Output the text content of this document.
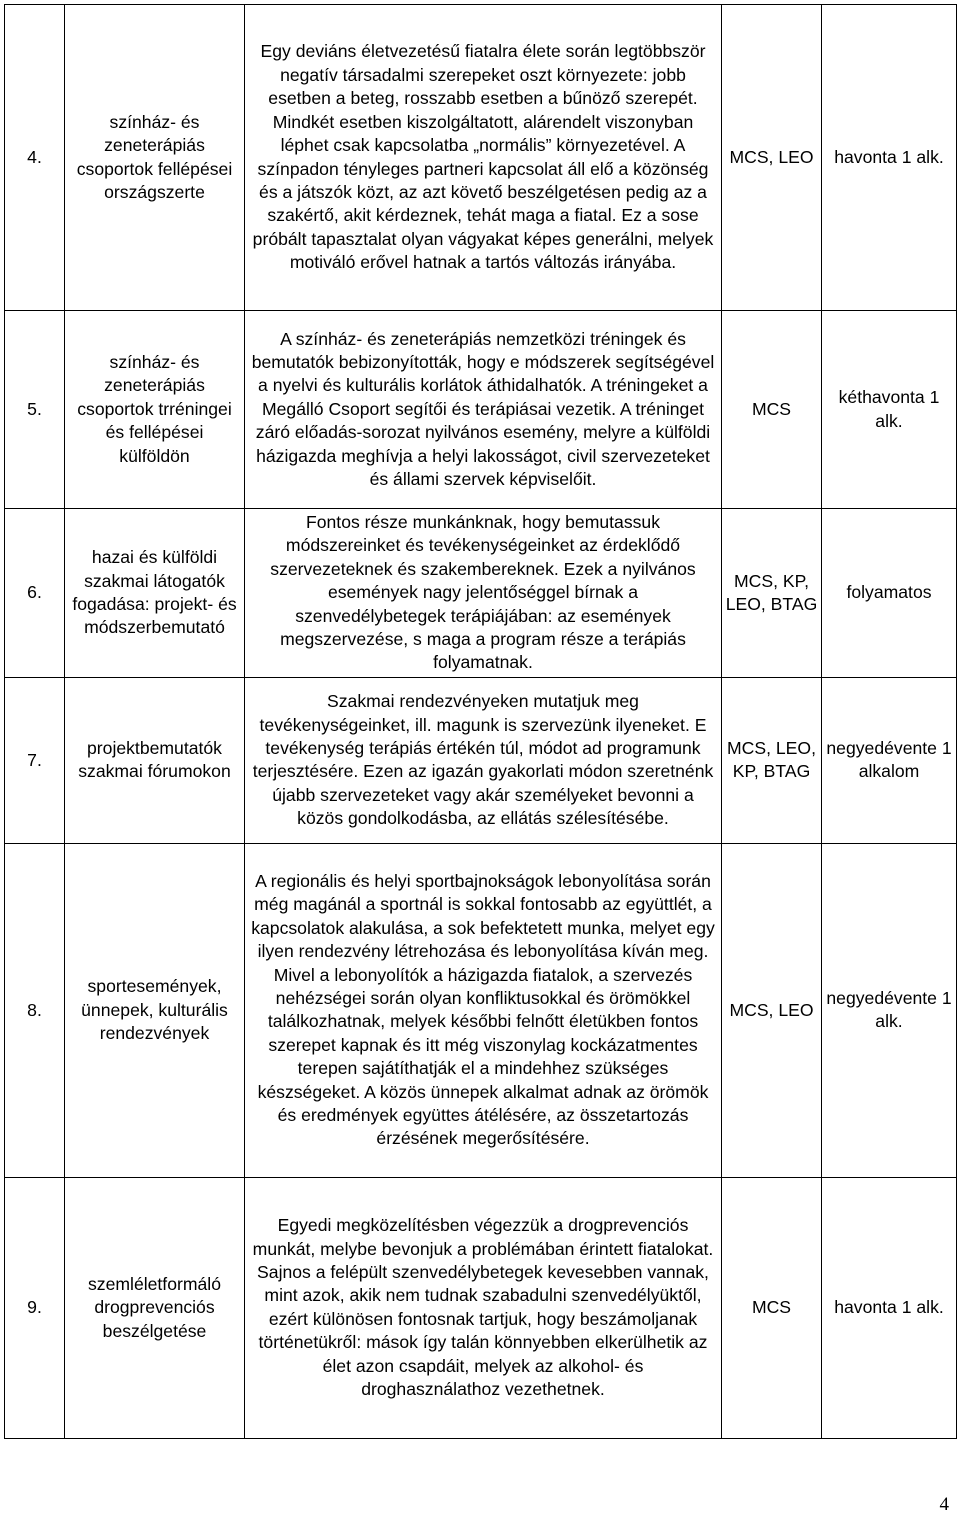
4.	színház- és zeneterápiás csoportok fellépései országszerte	Egy deviáns életvezetésű fiatalra élete során legtöbbször negatív társadalmi szerepeket oszt környezete: jobb esetben a beteg, rosszabb esetben a bűnöző szerepét. Mindkét esetben kiszolgáltatott, alárendelt viszonyban léphet csak kapcsolatba „normális” környezetével. A színpadon tényleges partneri kapcsolat áll elő a közönség és a játszók közt, az azt követő beszélgetésen pedig az a szakértő, akit kérdeznek, tehát maga a fiatal. Ez a sose próbált tapasztalat olyan vágyakat képes generálni, melyek motiváló erővel hatnak a tartós változás irányába.	MCS, LEO	havonta 1 alk.
5.	színház- és zeneterápiás csoportok trréningei és fellépései külföldön	A színház- és zeneterápiás nemzetközi tréningek és bemutatók bebizonyították, hogy e módszerek segítségével a nyelvi és kulturális korlátok áthidalhatók. A tréningeket a Megálló Csoport segítői és terápiásai vezetik. A tréninget záró előadás-sorozat nyilvános esemény, melyre a külföldi házigazda meghívja a helyi lakosságot, civil szervezeteket és állami szervek képviselőit.	MCS	kéthavonta 1 alk.
6.	hazai és külföldi szakmai látogatók fogadása: projekt- és módszerbemutató	Fontos része munkánknak, hogy bemutassuk módszereinket és tevékenységeinket az érdeklődő szervezeteknek és szakembereknek. Ezek a nyilvános események nagy jelentőséggel bírnak a szenvedélybetegek terápiájában: az események megszervezése, s maga a program része a terápiás folyamatnak.	MCS, KP, LEO, BTAG	folyamatos
7.	projektbemutatók szakmai fórumokon	Szakmai rendezvényeken mutatjuk meg tevékenységeinket, ill. magunk is szervezünk ilyeneket. E tevékenység terápiás értékén túl, módot ad programunk terjesztésére. Ezen az igazán gyakorlati módon szeretnénk újabb szervezeteket vagy akár személyeket bevonni a közös gondolkodásba, az ellátás szélesítésébe.	MCS, LEO, KP, BTAG	negyedévente 1 alkalom
8.	sportesemények, ünnepek, kulturális rendezvények	A regionális és helyi sportbajnokságok lebonyolítása során még magánál a sportnál is sokkal fontosabb az együttlét, a kapcsolatok alakulása, a sok befektetett munka, melyet egy ilyen rendezvény létrehozása és lebonyolítása kíván meg. Mivel a lebonyolítók a házigazda fiatalok, a szervezés nehézségei során olyan konfliktusokkal és örömökkel találkozhatnak, melyek későbbi felnőtt életükben fontos szerepet kapnak és itt még viszonylag kockázatmentes terepen sajátíthatják el a mindehhez szükséges készségeket. A közös ünnepek alkalmat adnak az örömök és eredmények együttes átélésére, az összetartozás érzésének megerősítésére.	MCS, LEO	negyedévente 1 alk.
9.	szemléletformáló drogprevenciós beszélgetése	Egyedi megközelítésben végezzük a drogprevenciós munkát, melybe bevonjuk a problémában érintett fiatalokat. Sajnos a felépült szenvedélybetegek kevesebben vannak, mint azok, akik nem tudnak szabadulni szenvedélyüktől, ezért különösen fontosnak tartjuk, hogy beszámoljanak történetükről: mások így talán könnyebben elkerülhetik az élet azon csapdáit, melyek az alkohol- és droghasználathoz vezethetnek.	MCS	havonta 1 alk.
4
